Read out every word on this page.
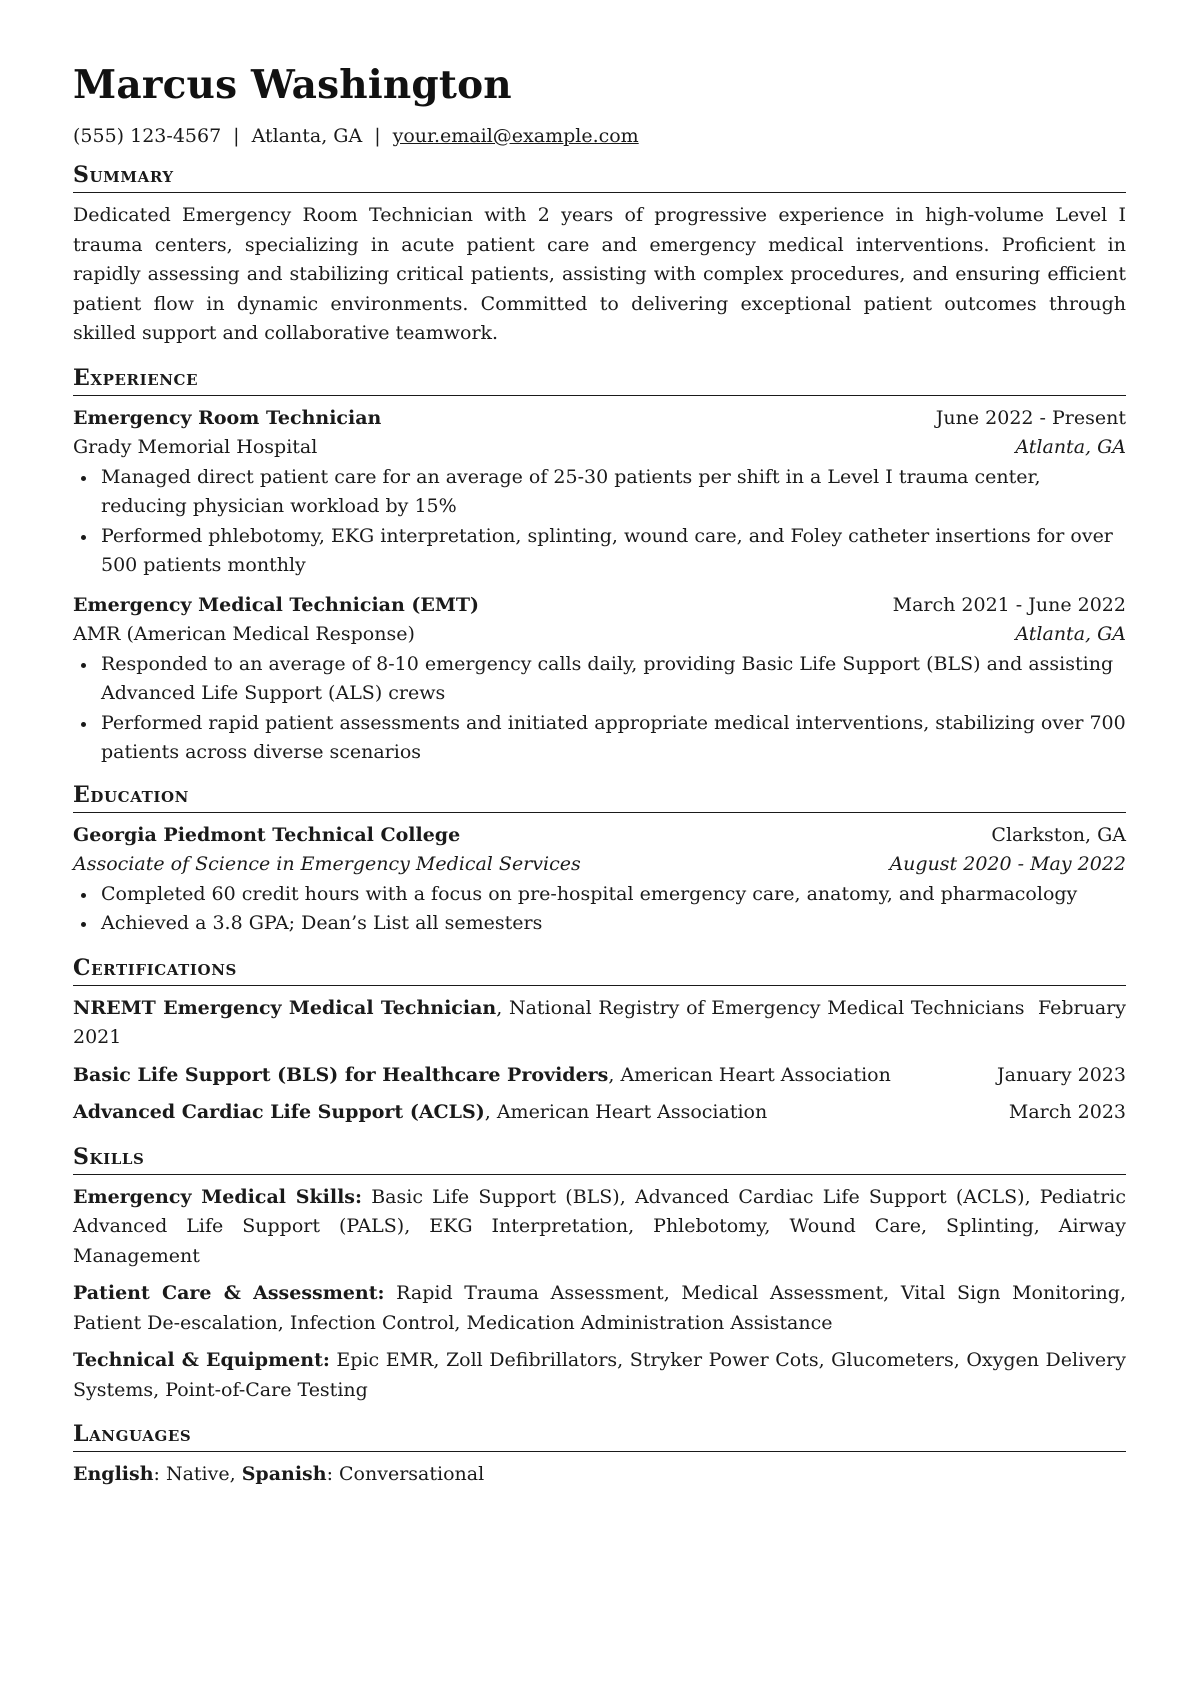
Marcus Washington
(555) 123-4567 | Atlanta, GA | your.email@example.com
Summary
Dedicated Emergency Room Technician with 2 years of progressive experience in high-volume Level I trauma centers, specializing in acute patient care and emergency medical interventions. Proficient in rapidly assessing and stabilizing critical patients, assisting with complex procedures, and ensuring efficient patient flow in dynamic environments. Committed to delivering exceptional patient outcomes through skilled support and collaborative teamwork.
Experience
Emergency Room Technician	June 2022 - Present
Grady Memorial Hospital	Atlanta, GA
Managed direct patient care for an average of 25-30 patients per shift in a Level I trauma center, reducing physician workload by 15%
Performed phlebotomy, EKG interpretation, splinting, wound care, and Foley catheter insertions for over 500 patients monthly
Emergency Medical Technician (EMT)	March 2021 - June 2022
AMR (American Medical Response)	Atlanta, GA
Responded to an average of 8-10 emergency calls daily, providing Basic Life Support (BLS) and assisting Advanced Life Support (ALS) crews
Performed rapid patient assessments and initiated appropriate medical interventions, stabilizing over 700 patients across diverse scenarios
Education
Georgia Piedmont Technical College	Clarkston, GA
Associate of Science in Emergency Medical Services	August 2020 - May 2022
Completed 60 credit hours with a focus on pre-hospital emergency care, anatomy, and pharmacology
Achieved a 3.8 GPA; Dean’s List all semesters
Certifications
NREMT Emergency Medical Technician, National Registry of Emergency Medical Technicians February 2021
Basic Life Support (BLS) for Healthcare Providers, American Heart Association	January 2023
Advanced Cardiac Life Support (ACLS), American Heart Association	March 2023
Skills
Emergency Medical Skills: Basic Life Support (BLS), Advanced Cardiac Life Support (ACLS), Pediatric Advanced Life Support (PALS), EKG Interpretation, Phlebotomy, Wound Care, Splinting, Airway Management
Patient Care & Assessment: Rapid Trauma Assessment, Medical Assessment, Vital Sign Monitoring, Patient De-escalation, Infection Control, Medication Administration Assistance
Technical & Equipment: Epic EMR, Zoll Defibrillators, Stryker Power Cots, Glucometers, Oxygen Delivery Systems, Point-of-Care Testing
Languages
English: Native, Spanish: Conversational
